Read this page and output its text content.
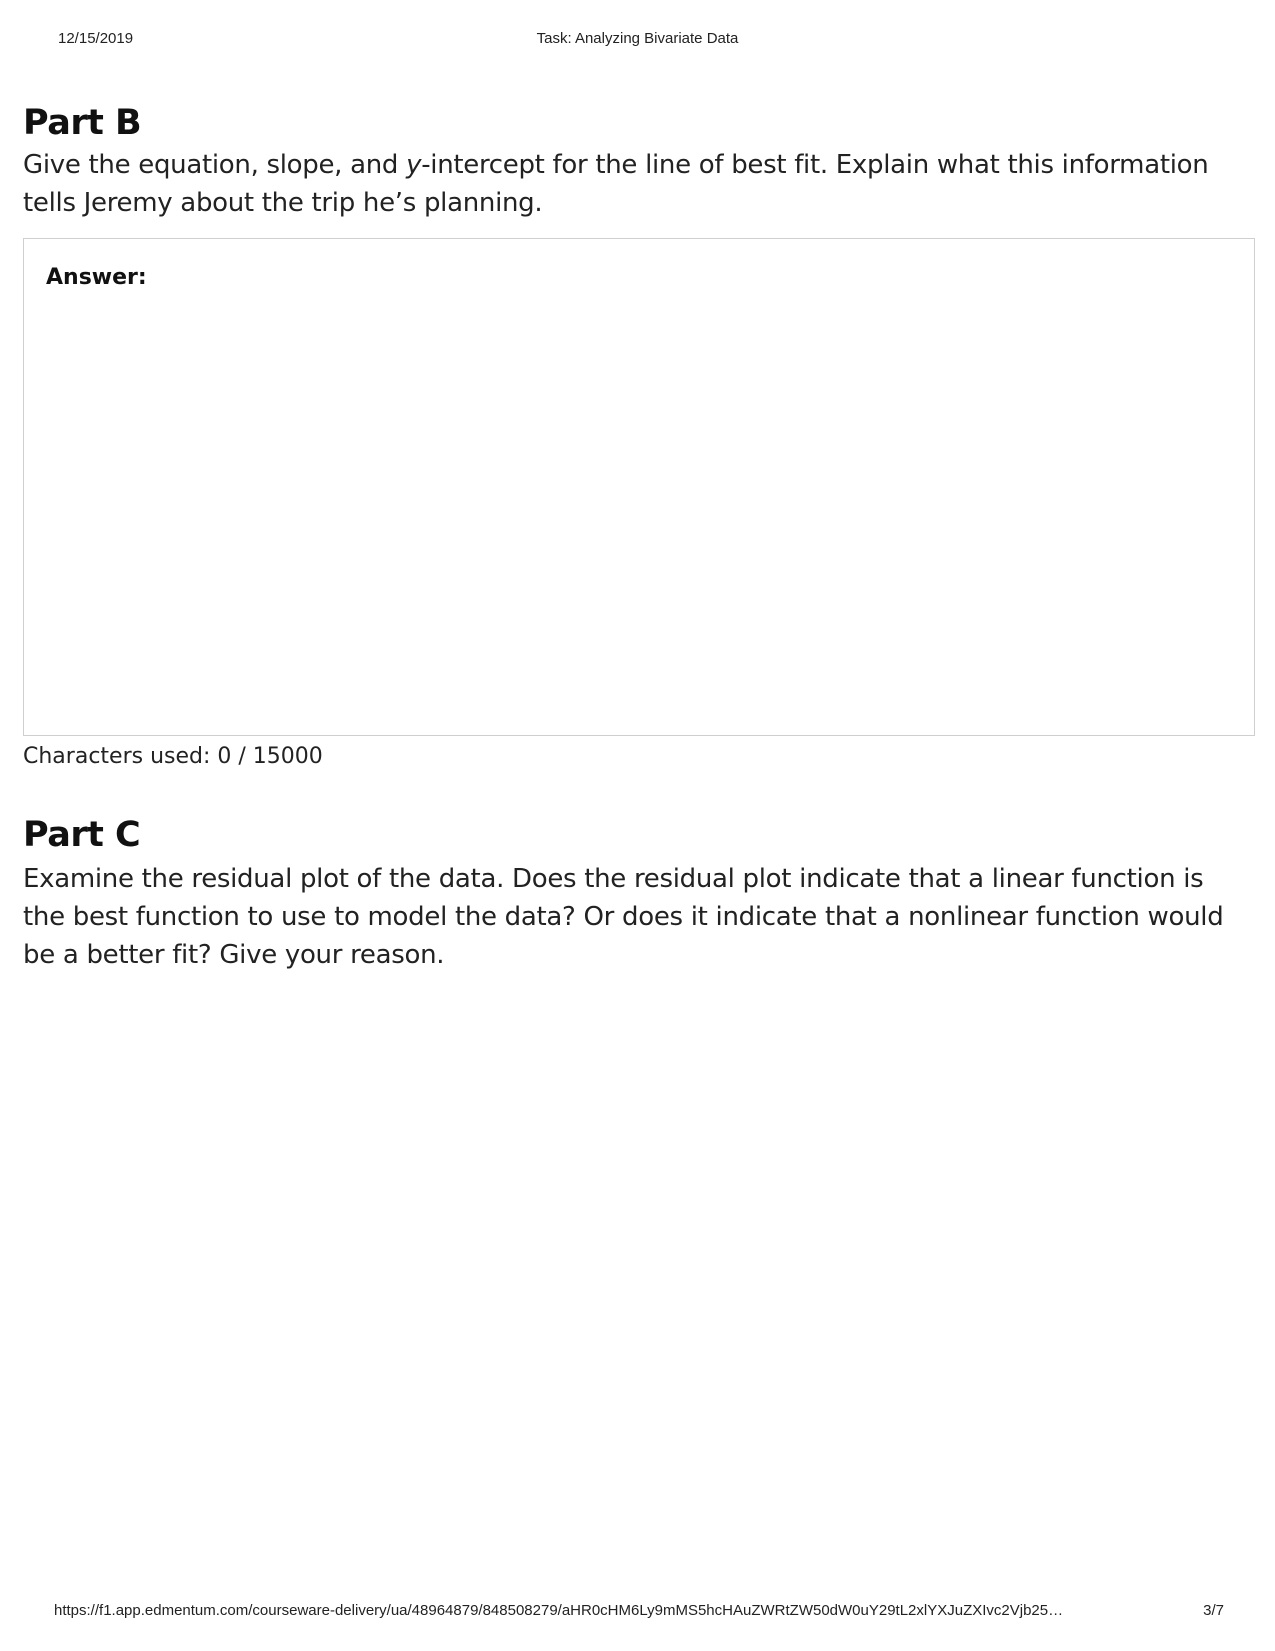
12/15/2019	Task: Analyzing Bivariate Data
Part B

Give the equation, slope, and y-intercept for the line of best fit. Explain what this information tells Jeremy about the trip he’s planning.

Answer:
Characters used: 0 / 15000
Part C

Examine the residual plot of the data. Does the residual plot indicate that a linear function is the best function to use to model the data? Or does it indicate that a nonlinear function would be a better fit? Give your reason.

https://f1.app.edmentum.com/courseware-delivery/ua/48964879/848508279/aHR0cHM6Ly9mMS5hcHAuZWRtZW50dW0uY29tL2xlYXJuZXIvc2Vjb25…	3/7
